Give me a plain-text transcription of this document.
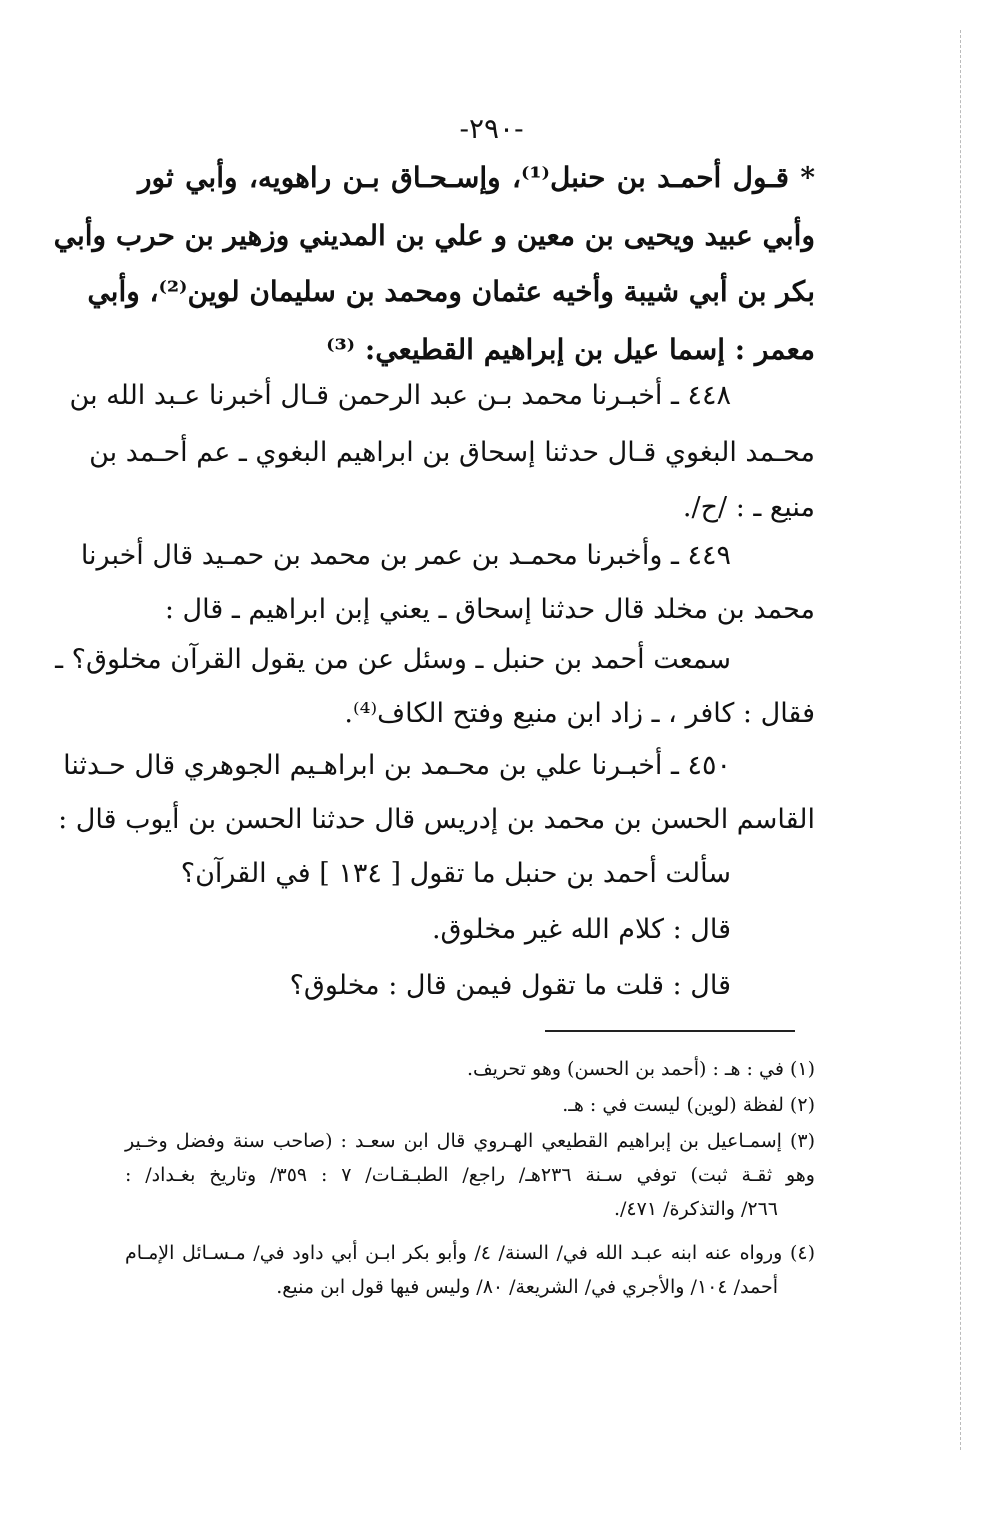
-٢٩٠-
* قـول أحمـد بن حنبل⁽¹⁾، وإسـحـاق بـن راهويه، وأبي ثور
وأبي عبيد ويحيى بن معين و علي بن المديني وزهير بن حرب وأبي
بكر بن أبي شيبة وأخيه عثمان ومحمد بن سليمان لوين⁽²⁾، وأبي
معمر : إسما عيل بن إبراهيم القطيعي: ⁽³⁾
٤٤٨ ـ أخبـرنا محمد بـن عبد الرحمن قـال أخبرنا عـبد الله بن
محـمد البغوي قـال حدثنا إسحاق بن ابراهيم البغوي ـ عم أحـمد بن
منيع ـ : /ح/.
٤٤٩ ـ وأخبرنا محمـد بن عمر بن محمد بن حمـيد قال أخبرنا
محمد بن مخلد قال حدثنا إسحاق ـ يعني إبن ابراهيم ـ قال :
سمعت أحمد بن حنبل ـ وسئل عن من يقول القرآن مخلوق؟ ـ
فقال : كافر ، ـ زاد ابن منيع وفتح الكاف⁽⁴⁾.
٤٥٠ ـ أخبـرنا علي بن محـمد بن ابراهـيم الجوهري قال حـدثنا
القاسم الحسن بن محمد بن إدريس قال حدثنا الحسن بن أيوب قال :
سألت أحمد بن حنبل ما تقول [ ١٣٤ ] في القرآن؟
قال : كلام الله غير مخلوق.
قال : قلت ما تقول فيمن قال : مخلوق؟
(١) في : هـ : (أحمد بن الحسن) وهو تحريف.
(٢) لفظة (لوين) ليست في : هـ.
(٣) إسمـاعيل بن إبراهيم القطيعي الهـروي قال ابن سعـد : (صاحب سنة وفضل وخـير
وهو ثقـة ثبت) توفي سـنة ٢٣٦هـ/ راجع/ الطبـقـات/ ٧ : ٣٥٩/ وتاريخ بغـداد/ :
٢٦٦/ والتذكرة/ ٤٧١/.
(٤) ورواه عنه ابنه عبـد الله في/ السنة/ ٤/ وأبو بكر ابـن أبي داود في/ مـسـائل الإمـام
أحمد/ ١٠٤/ والأجري في/ الشريعة/ ٨٠/ وليس فيها قول ابن منيع.
